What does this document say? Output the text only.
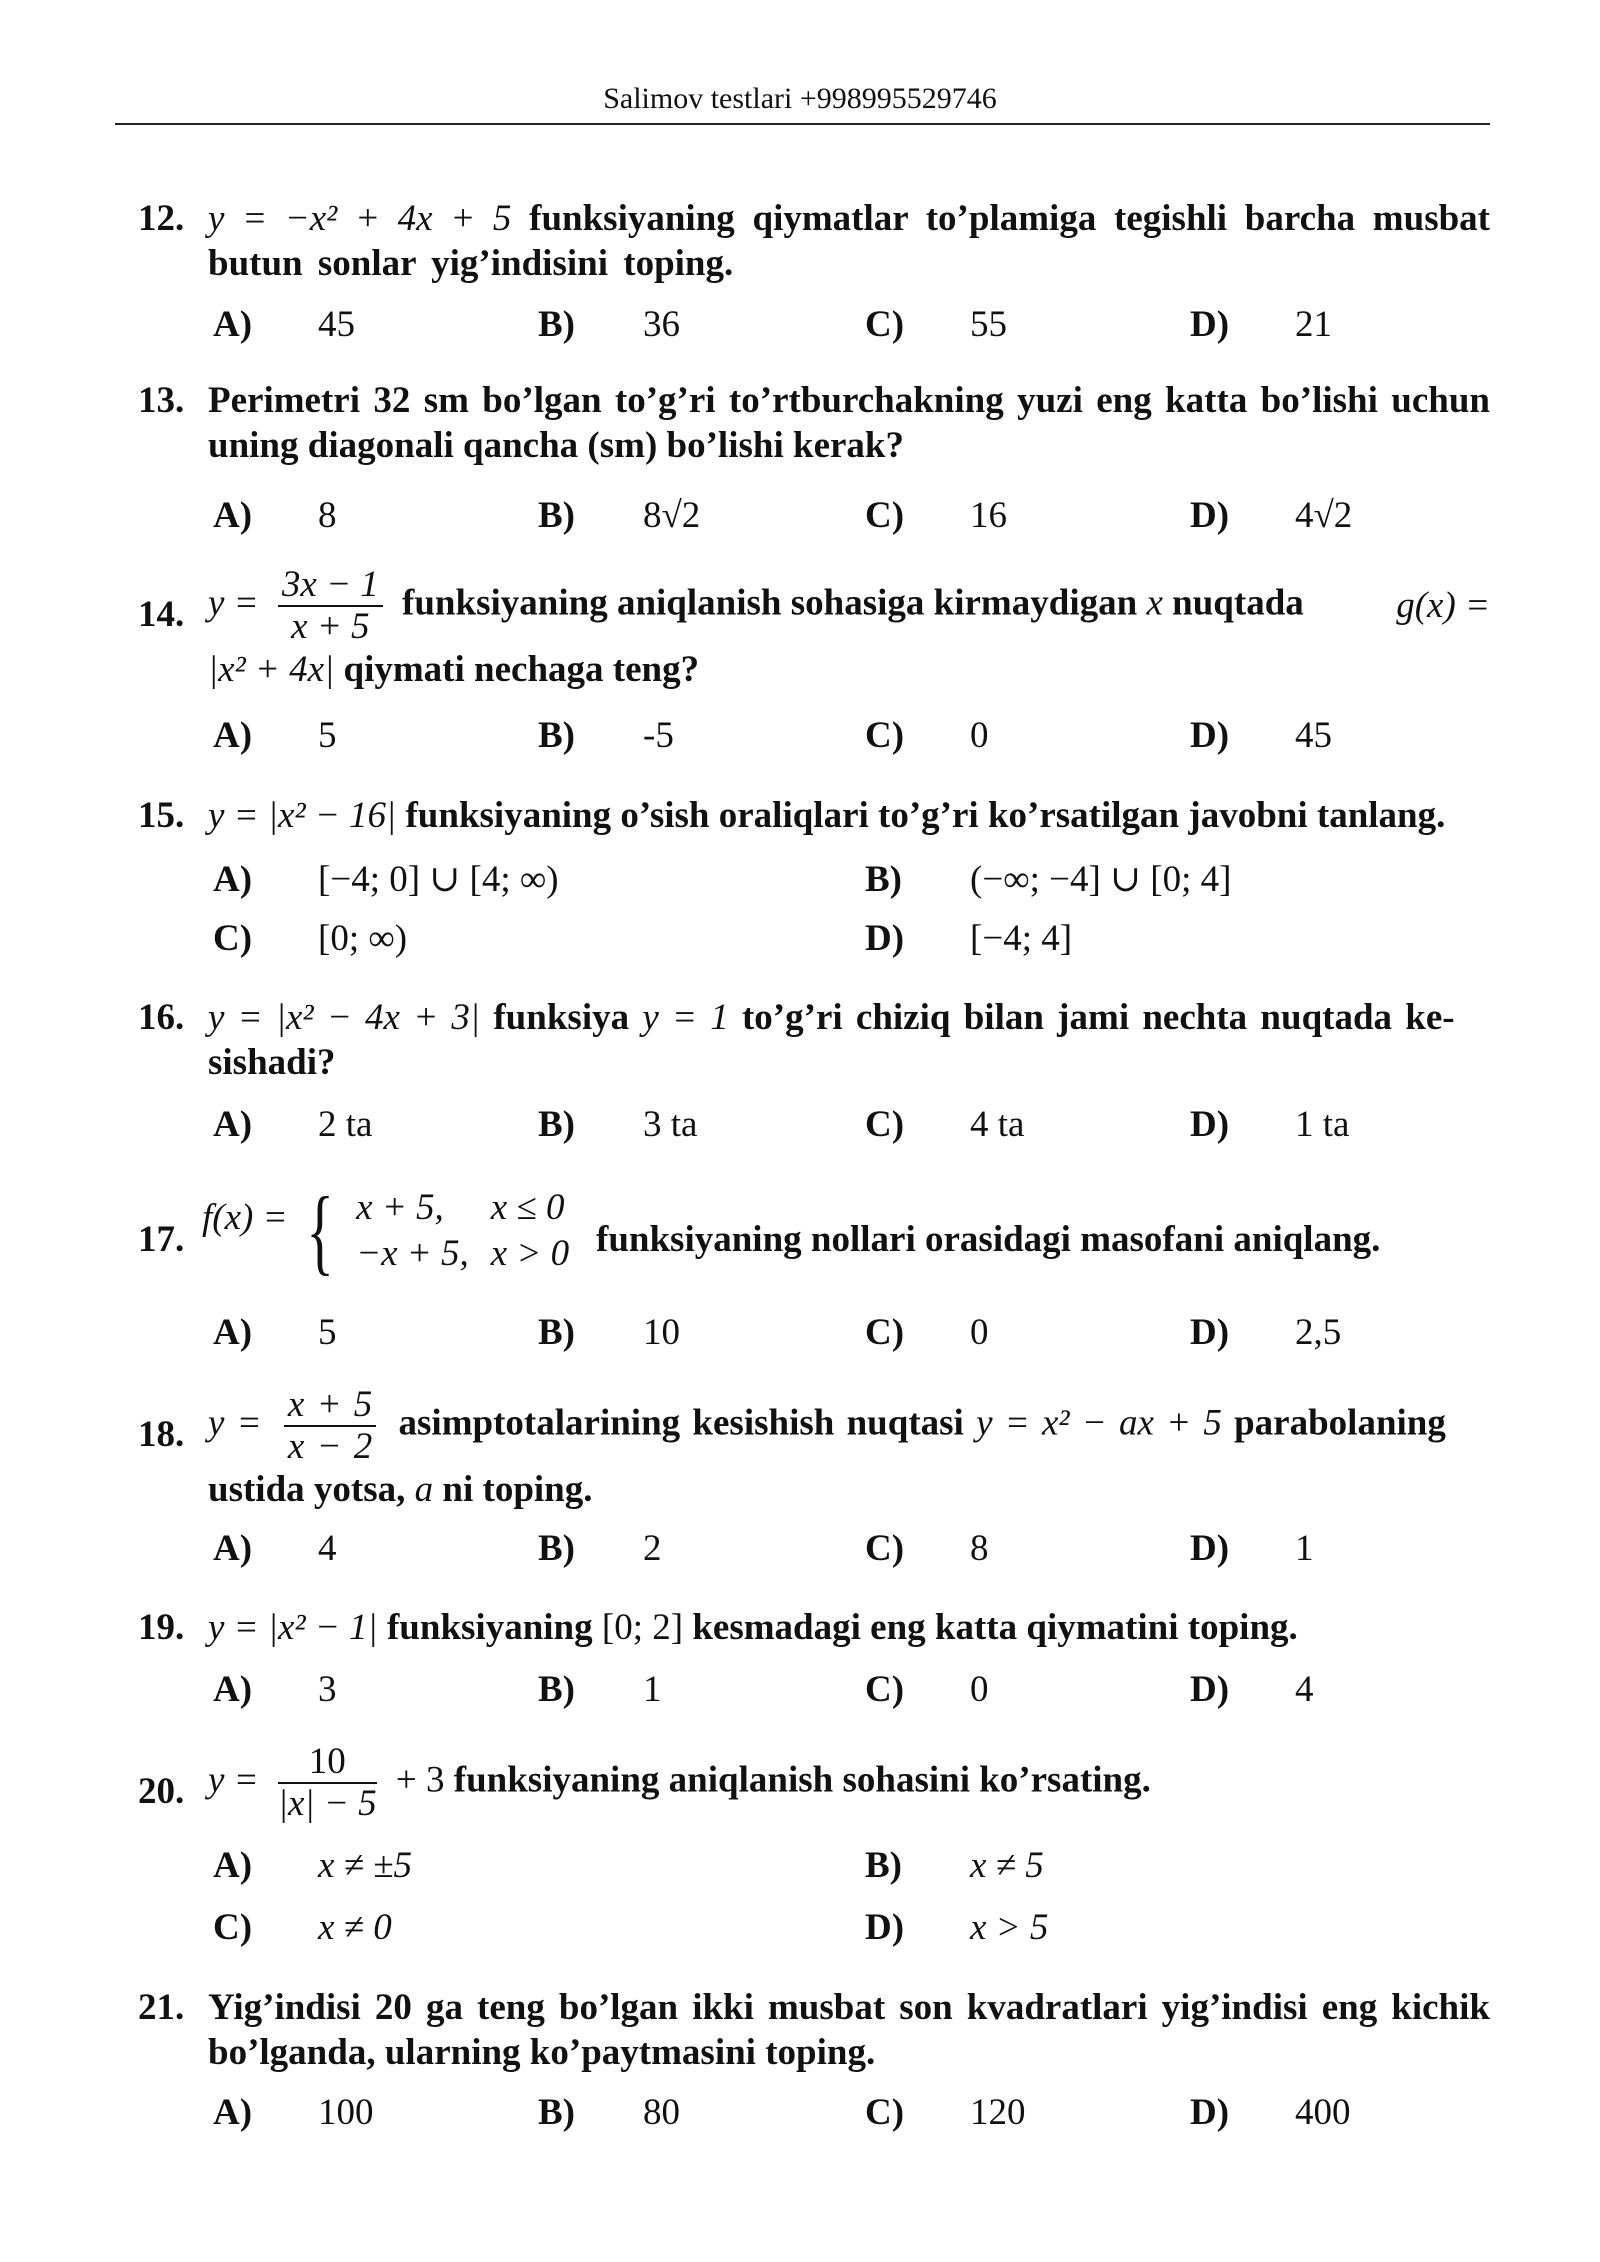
Salimov testlari +998995529746
12. y = −x² + 4x + 5 funksiyaning qiymatlar to’plamiga tegishli barcha musbat butun sonlar yig’indisini toping.
A) 45	B) 36	C) 55	D) 21
13. Perimetri 32 sm bo’lgan to’g’ri to’rtburchakning yuzi eng katta bo’lishi uchun uning diagonali qancha (sm) bo’lishi kerak?
A) 8	B) 8√2	C) 16	D) 4√2
14. $y = \frac{3x - 1}{x + 5}$ funksiyaning aniqlanish sohasiga kirmaydigan x nuqtada g(x) =
|x² + 4x| qiymati nechaga teng?
A) 5	B) -5	C) 0	D) 45
15. y = |x² − 16| funksiyaning o’sish oraliqlari to’g’ri ko’rsatilgan javobni tanlang.
A) [−4; 0] ∪ [4; ∞)	B) (−∞; −4] ∪ [0; 4]
C) [0; ∞)	D) [−4; 4]
16. y = |x² − 4x + 3| funksiya y = 1 to’g’ri chiziq bilan jami nechta nuqtada ke-
sishadi?
A) 2 ta	B) 3 ta	C) 4 ta	D) 1 ta
17.
f(x) = { x + 5,	x ≤ 0
−x + 5,	x > 0 funksiyaning nollari orasidagi masofani aniqlang.
A) 5	B) 10	C) 0	D) 2,5
18. $y = \frac{x + 5}{x - 2}$ asimptotalarining kesishish nuqtasi y = x² − ax + 5 parabolaning
ustida yotsa, a ni toping.
A) 4	B) 2	C) 8	D) 1
19. y = |x² − 1| funksiyaning [0; 2] kesmadagi eng katta qiymatini toping.
A) 3	B) 1	C) 0	D) 4
20. $y = \frac{10}{|x| - 5} + 3$ funksiyaning aniqlanish sohasini ko’rsating.
A) x ≠ ±5	B) x ≠ 5
C) x ≠ 0	D) x > 5
21. Yig’indisi 20 ga teng bo’lgan ikki musbat son kvadratlari yig’indisi eng kichik bo’lganda, ularning ko’paytmasini toping.
A) 100	B) 80	C) 120	D) 400
